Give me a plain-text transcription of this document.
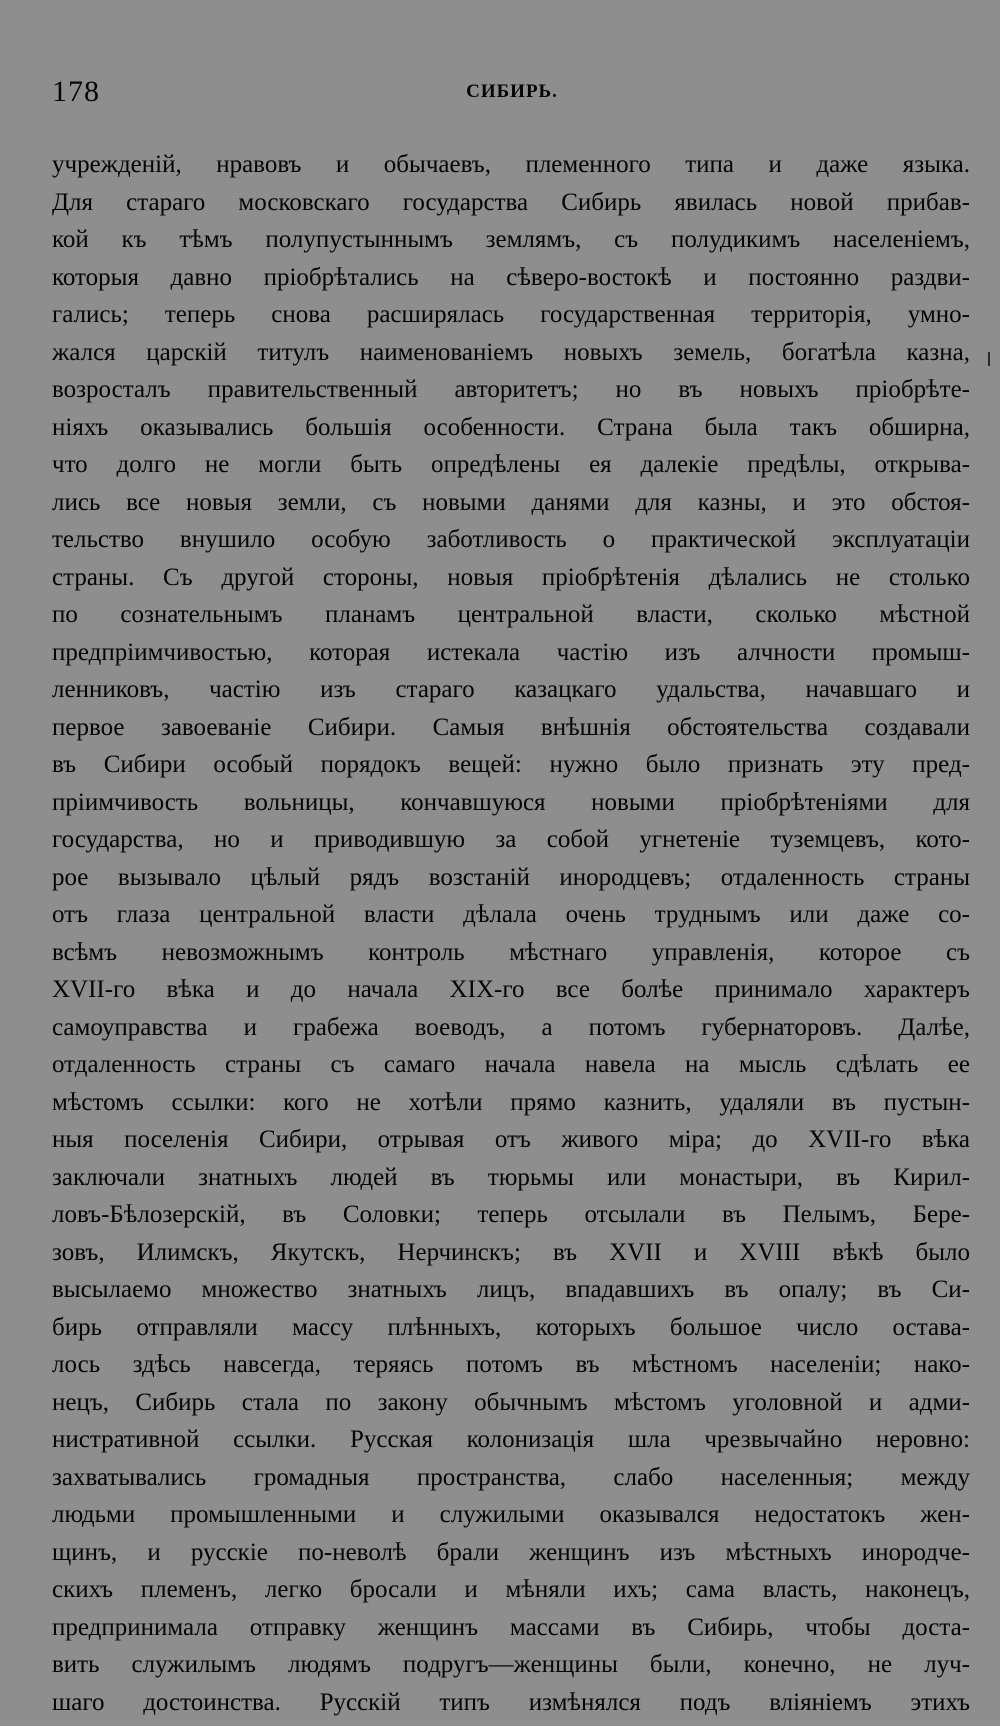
178	СИБИРЬ.
учрежденій, нравовъ и обычаевъ, племенного типа и даже языка.
Для стараго московскаго государства Сибирь явилась новой прибав-
кой къ тѣмъ полупустыннымъ землямъ, съ полудикимъ населеніемъ,
которыя давно пріобрѣтались на сѣверо-востокѣ и постоянно раздви-
гались; теперь снова расширялась государственная территорія, умно-
жался царскій титулъ наименованіемъ новыхъ земель, богатѣла казна,
возросталъ правительственный авторитетъ; но въ новыхъ пріобрѣте-
ніяхъ оказывались большія особенности. Страна была такъ обширна,
что долго не могли быть опредѣлены ея далекіе предѣлы, открыва-
лись все новыя земли, съ новыми данями для казны, и это обстоя-
тельство внушило особую заботливость о практической эксплуатаціи
страны. Съ другой стороны, новыя пріобрѣтенія дѣлались не столько
по сознательнымъ планамъ центральной власти, сколько мѣстной
предпріимчивостью, которая истекала частію изъ алчности промыш-
ленниковъ, частію изъ стараго казацкаго удальства, начавшаго и
первое завоеваніе Сибири. Самыя внѣшнія обстоятельства создавали
въ Сибири особый порядокъ вещей: нужно было признать эту пред-
пріимчивость вольницы, кончавшуюся новыми пріобрѣтеніями для
государства, но и приводившую за собой угнетеніе туземцевъ, кото-
рое вызывало цѣлый рядъ возстаній инородцевъ; отдаленность страны
отъ глаза центральной власти дѣлала очень труднымъ или даже со-
всѣмъ невозможнымъ контроль мѣстнаго управленія, которое съ
XVII-го вѣка и до начала XIX-го все болѣе принимало характеръ
самоуправства и грабежа воеводъ, а потомъ губернаторовъ. Далѣе,
отдаленность страны съ самаго начала навела на мысль сдѣлать ее
мѣстомъ ссылки: кого не хотѣли прямо казнить, удаляли въ пустын-
ныя поселенія Сибири, отрывая отъ живого міра; до XVII-го вѣка
заключали знатныхъ людей въ тюрьмы или монастыри, въ Кирил-
ловъ-Бѣлозерскій, въ Соловки; теперь отсылали въ Пелымъ, Бере-
зовъ, Илимскъ, Якутскъ, Нерчинскъ; въ XVII и XVIII вѣкѣ было
высылаемо множество знатныхъ лицъ, впадавшихъ въ опалу; въ Си-
бирь отправляли массу плѣнныхъ, которыхъ большое число остава-
лось здѣсь навсегда, теряясь потомъ въ мѣстномъ населеніи; нако-
нецъ, Сибирь стала по закону обычнымъ мѣстомъ уголовной и адми-
нистративной ссылки. Русская колонизація шла чрезвычайно неровно:
захватывались громадныя пространства, слабо населенныя; между
людьми промышленными и служилыми оказывался недостатокъ жен-
щинъ, и русскіе по-неволѣ брали женщинъ изъ мѣстныхъ инородче-
скихъ племенъ, легко бросали и мѣняли ихъ; сама власть, наконецъ,
предпринимала отправку женщинъ массами въ Сибирь, чтобы доста-
вить служилымъ людямъ подругъ—женщины были, конечно, не луч-
шаго достоинства. Русскій типъ измѣнялся подъ вліяніемъ этихъ
